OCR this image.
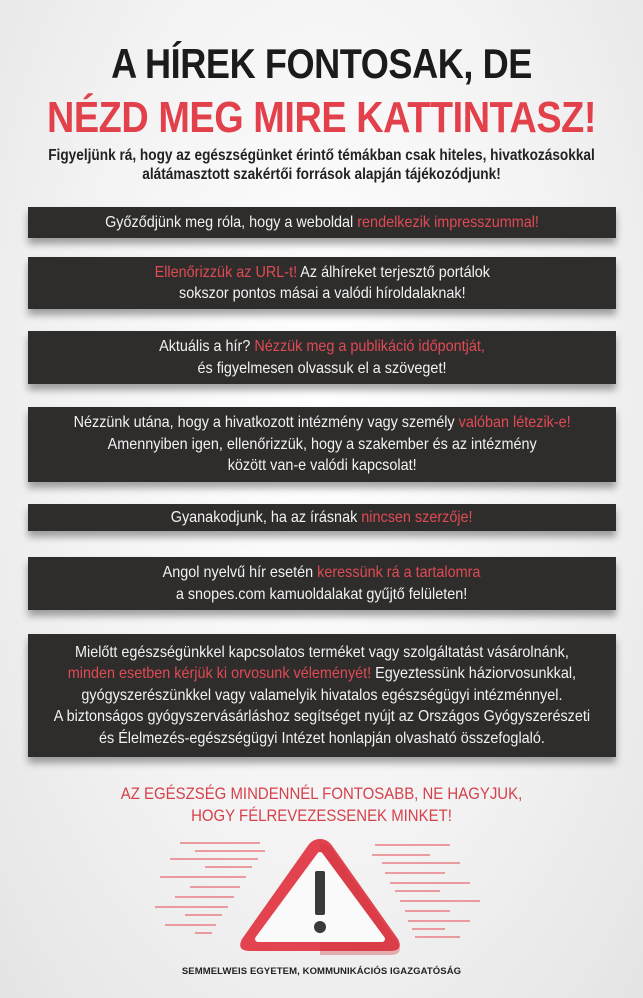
A HÍREK FONTOSAK, DE
NÉZD MEG MIRE KATTINTASZ!
Figyeljünk rá, hogy az egészségünket érintő témákban csak hiteles, hivatkozásokkal
alátámasztott szakértői források alapján tájékozódjunk!
Győződjünk meg róla, hogy a weboldal rendelkezik impresszummal!
Ellenőrizzük az URL-t! Az álhíreket terjesztő portálok
sokszor pontos másai a valódi híroldalaknak!
Aktuális a hír? Nézzük meg a publikáció időpontját,
és figyelmesen olvassuk el a szöveget!
Nézzünk utána, hogy a hivatkozott intézmény vagy személy valóban létezik-e!
Amennyiben igen, ellenőrizzük, hogy a szakember és az intézmény
között van-e valódi kapcsolat!
Gyanakodjunk, ha az írásnak nincsen szerzője!
Angol nyelvű hír esetén keressünk rá a tartalomra
a snopes.com kamuoldalakat gyűjtő felületen!
Mielőtt egészségünkkel kapcsolatos terméket vagy szolgáltatást vásárolnánk,
minden esetben kérjük ki orvosunk véleményét! Egyeztessünk háziorvosunkkal,
gyógyszerészünkkel vagy valamelyik hivatalos egészségügyi intézménnyel.
A biztonságos gyógyszervásárláshoz segítséget nyújt az Országos Gyógyszerészeti
és Élelmezés-egészségügyi Intézet honlapján olvasható összefoglaló.
AZ EGÉSZSÉG MINDENNÉL FONTOSABB, NE HAGYJUK,
HOGY FÉLREVEZESSENEK MINKET!
SEMMELWEIS EGYETEM, KOMMUNIKÁCIÓS IGAZGATÓSÁG
